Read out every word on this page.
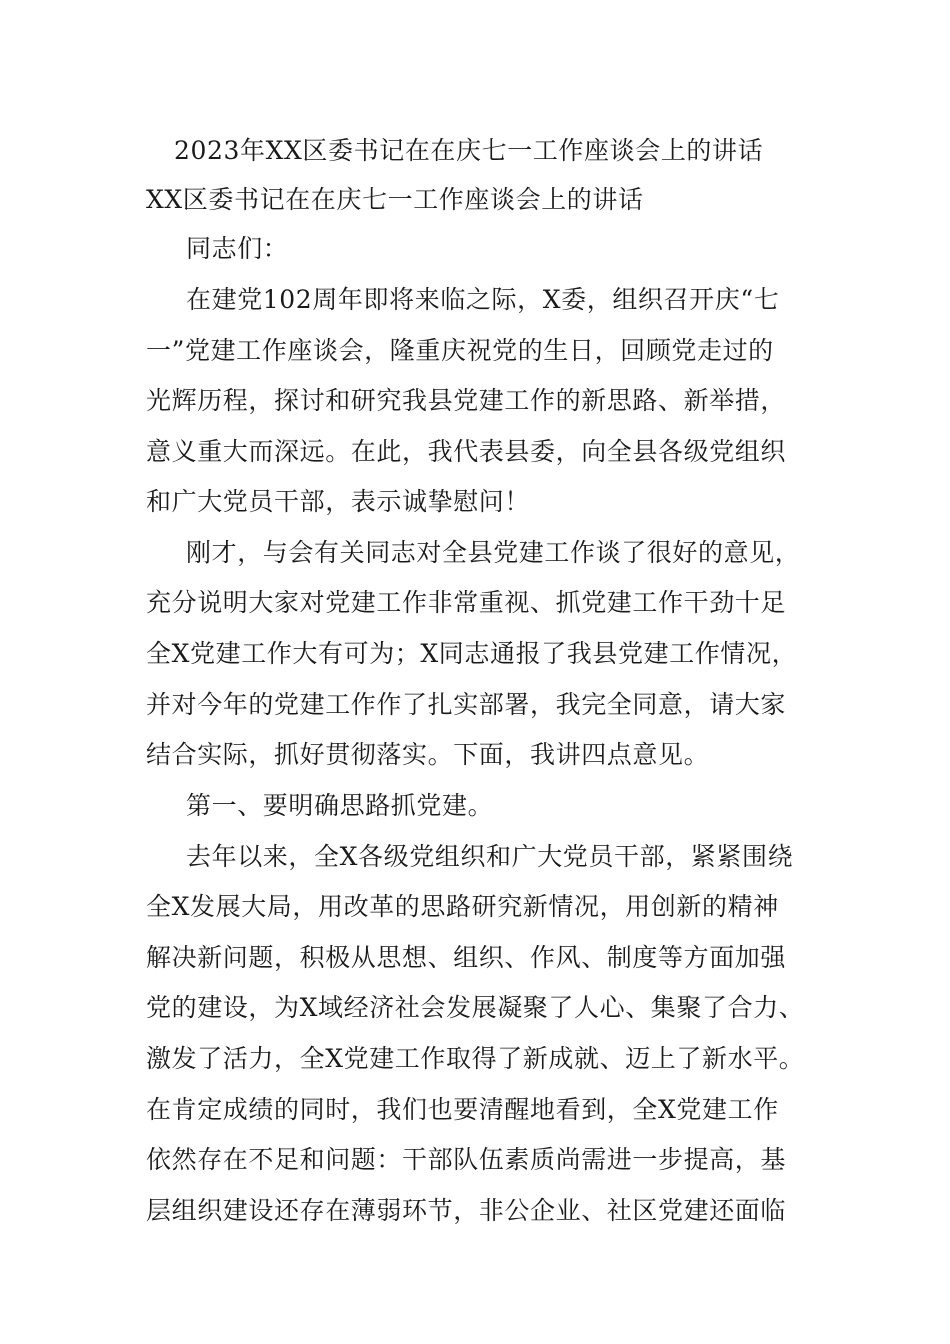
2023年XX区委书记在在庆七一工作座谈会上的讲话
XX区委书记在在庆七一工作座谈会上的讲话
同志们：
在建党102周年即将来临之际，X委，组织召开庆“七
一”党建工作座谈会，隆重庆祝党的生日，回顾党走过的
光辉历程，探讨和研究我县党建工作的新思路、新举措，
意义重大而深远。在此，我代表县委，向全县各级党组织
和广大党员干部，表示诚挚慰问！
刚才，与会有关同志对全县党建工作谈了很好的意见，
充分说明大家对党建工作非常重视、抓党建工作干劲十足
全X党建工作大有可为；X同志通报了我县党建工作情况，
并对今年的党建工作作了扎实部署，我完全同意，请大家
结合实际，抓好贯彻落实。下面，我讲四点意见。
第一、要明确思路抓党建。
去年以来，全X各级党组织和广大党员干部，紧紧围绕
全X发展大局，用改革的思路研究新情况，用创新的精神
解决新问题，积极从思想、组织、作风、制度等方面加强
党的建设，为X域经济社会发展凝聚了人心、集聚了合力、
激发了活力，全X党建工作取得了新成就、迈上了新水平。
在肯定成绩的同时，我们也要清醒地看到，全X党建工作
依然存在不足和问题：干部队伍素质尚需进一步提高，基
层组织建设还存在薄弱环节，非公企业、社区党建还面临
